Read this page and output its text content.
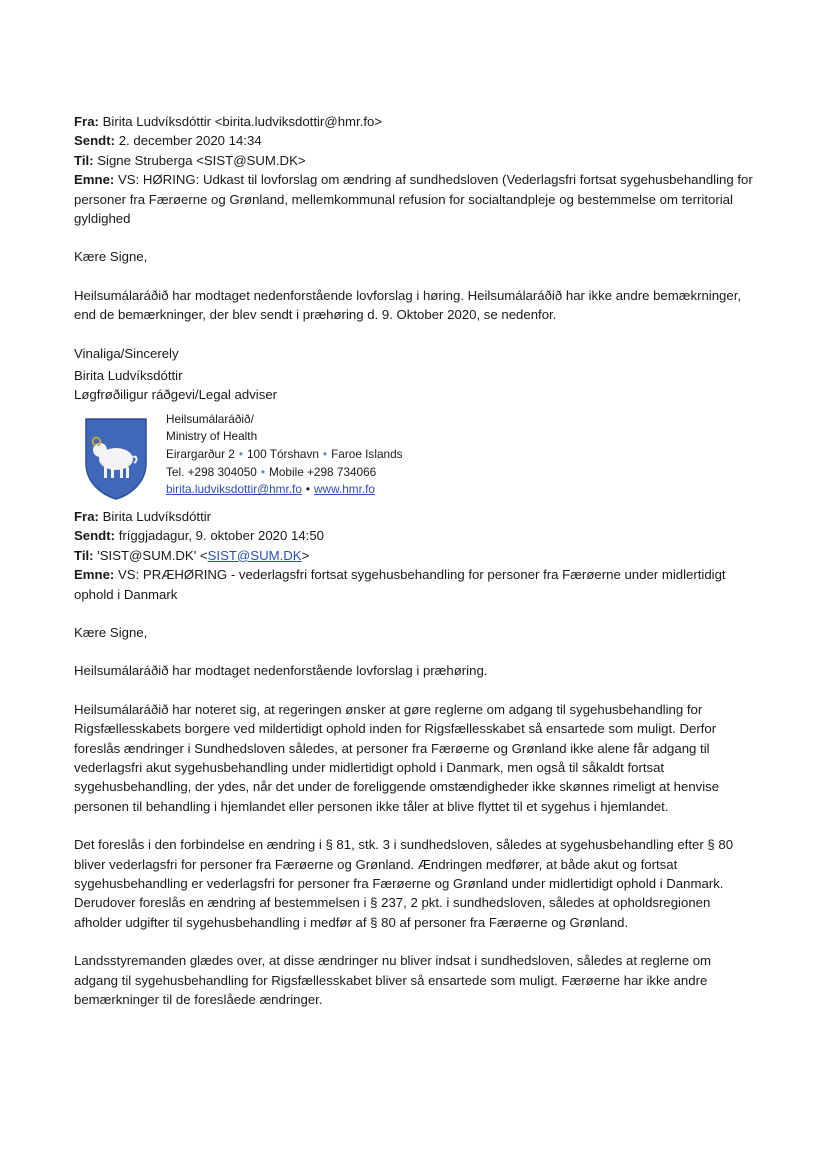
Fra: Birita Ludvíksdóttir <birita.ludviksdottir@hmr.fo>
Sendt: 2. december 2020 14:34
Til: Signe Struberga <SIST@SUM.DK>
Emne: VS: HØRING: Udkast til lovforslag om ændring af sundhedsloven (Vederlagsfri fortsat sygehusbehandling for personer fra Færøerne og Grønland, mellemkommunal refusion for socialtandpleje og bestemmelse om territorial gyldighed

Kære Signe,

Heilsumálaráðið har modtaget nedenforstående lovforslag i høring. Heilsumálaráðið har ikke andre bemækrninger, end de bemærkninger, der blev sendt i præhøring d. 9. Oktober 2020, se nedenfor.

Vinaliga/Sincerely

Birita Ludvíksdóttir

Løgfrøðiligur ráðgevi/Legal adviser

Heilsumálaráðið/
Ministry of Health
Eirargarður 2 • 100 Tórshavn • Faroe Islands
Tel. +298 304050 • Mobile +298 734066
birita.ludviksdottir@hmr.fo • www.hmr.fo
Fra: Birita Ludvíksdóttir
Sendt: fríggjadagur, 9. oktober 2020 14:50
Til: 'SIST@SUM.DK' <SIST@SUM.DK>
Emne: VS: PRÆHØRING - vederlagsfri fortsat sygehusbehandling for personer fra Færøerne under midlertidigt ophold i Danmark

Kære Signe,

Heilsumálaráðið har modtaget nedenforstående lovforslag i præhøring.

Heilsumálaráðið har noteret sig, at regeringen ønsker at gøre reglerne om adgang til sygehusbehandling for Rigsfællesskabets borgere ved mildertidigt ophold inden for Rigsfællesskabet så ensartede som muligt. Derfor foreslås ændringer i Sundhedsloven således, at personer fra Færøerne og Grønland ikke alene får adgang til vederlagsfri akut sygehusbehandling under midlertidigt ophold i Danmark, men også til såkaldt fortsat sygehusbehandling, der ydes, når det under de foreliggende omstændigheder ikke skønnes rimeligt at henvise personen til behandling i hjemlandet eller personen ikke tåler at blive flyttet til et sygehus i hjemlandet.

Det foreslås i den forbindelse en ændring i § 81, stk. 3 i sundhedsloven, således at sygehusbehandling efter § 80 bliver vederlagsfri for personer fra Færøerne og Grønland. Ændringen medfører, at både akut og fortsat sygehusbehandling er vederlagsfri for personer fra Færøerne og Grønland under midlertidigt ophold i Danmark. Derudover foreslås en ændring af bestemmelsen i § 237, 2 pkt. i sundhedsloven, således at opholdsregionen afholder udgifter til sygehusbehandling i medfør af § 80 af personer fra Færøerne og Grønland.

Landsstyremanden glædes over, at disse ændringer nu bliver indsat i sundhedsloven, således at reglerne om adgang til sygehusbehandling for Rigsfællesskabet bliver så ensartede som muligt. Færøerne har ikke andre bemærkninger til de foreslåede ændringer.
